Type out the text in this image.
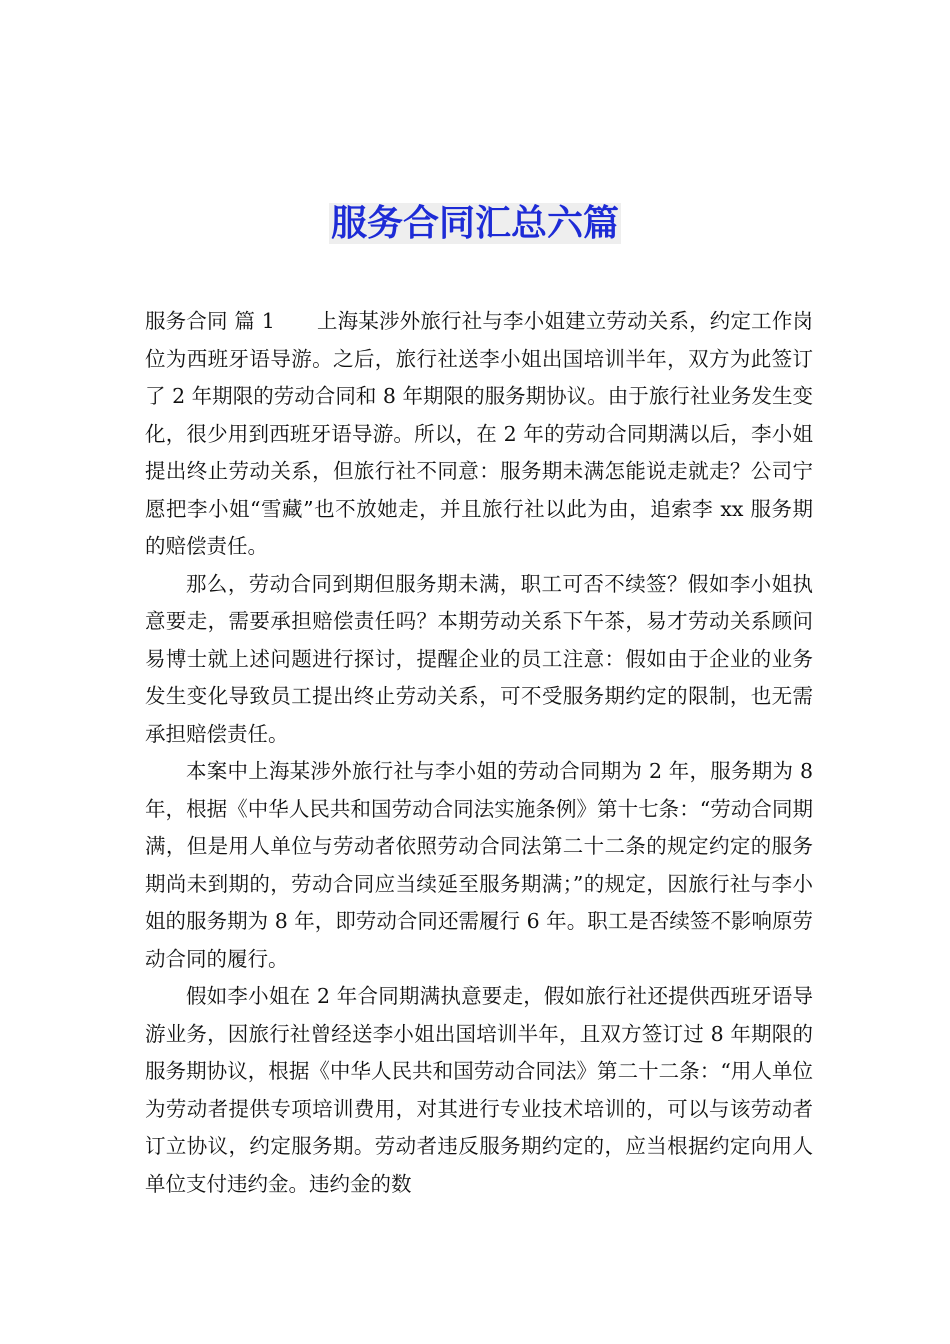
服务合同汇总六篇

服务合同 篇 1 上海某涉外旅行社与李小姐建立劳动关系，约定工作岗位为西班牙语导游。之后，旅行社送李小姐出国培训半年，双方为此签订了 2 年期限的劳动合同和 8 年期限的服务期协议。由于旅行社业务发生变化，很少用到西班牙语导游。所以，在 2 年的劳动合同期满以后，李小姐提出终止劳动关系，但旅行社不同意：服务期未满怎能说走就走？公司宁愿把李小姐“雪藏”也不放她走，并且旅行社以此为由，追索李 xx 服务期的赔偿责任。

那么，劳动合同到期但服务期未满，职工可否不续签？假如李小姐执意要走，需要承担赔偿责任吗？本期劳动关系下午茶，易才劳动关系顾问易博士就上述问题进行探讨，提醒企业的员工注意：假如由于企业的业务发生变化导致员工提出终止劳动关系，可不受服务期约定的限制，也无需承担赔偿责任。

本案中上海某涉外旅行社与李小姐的劳动合同期为 2 年，服务期为 8 年，根据《中华人民共和国劳动合同法实施条例》第十七条：“劳动合同期满，但是用人单位与劳动者依照劳动合同法第二十二条的规定约定的服务期尚未到期的，劳动合同应当续延至服务期满；”的规定，因旅行社与李小姐的服务期为 8 年，即劳动合同还需履行 6 年。职工是否续签不影响原劳动合同的履行。

假如李小姐在 2 年合同期满执意要走，假如旅行社还提供西班牙语导游业务，因旅行社曾经送李小姐出国培训半年，且双方签订过 8 年期限的服务期协议，根据《中华人民共和国劳动合同法》第二十二条：“用人单位为劳动者提供专项培训费用，对其进行专业技术培训的，可以与该劳动者订立协议，约定服务期。劳动者违反服务期约定的，应当根据约定向用人单位支付违约金。违约金的数
